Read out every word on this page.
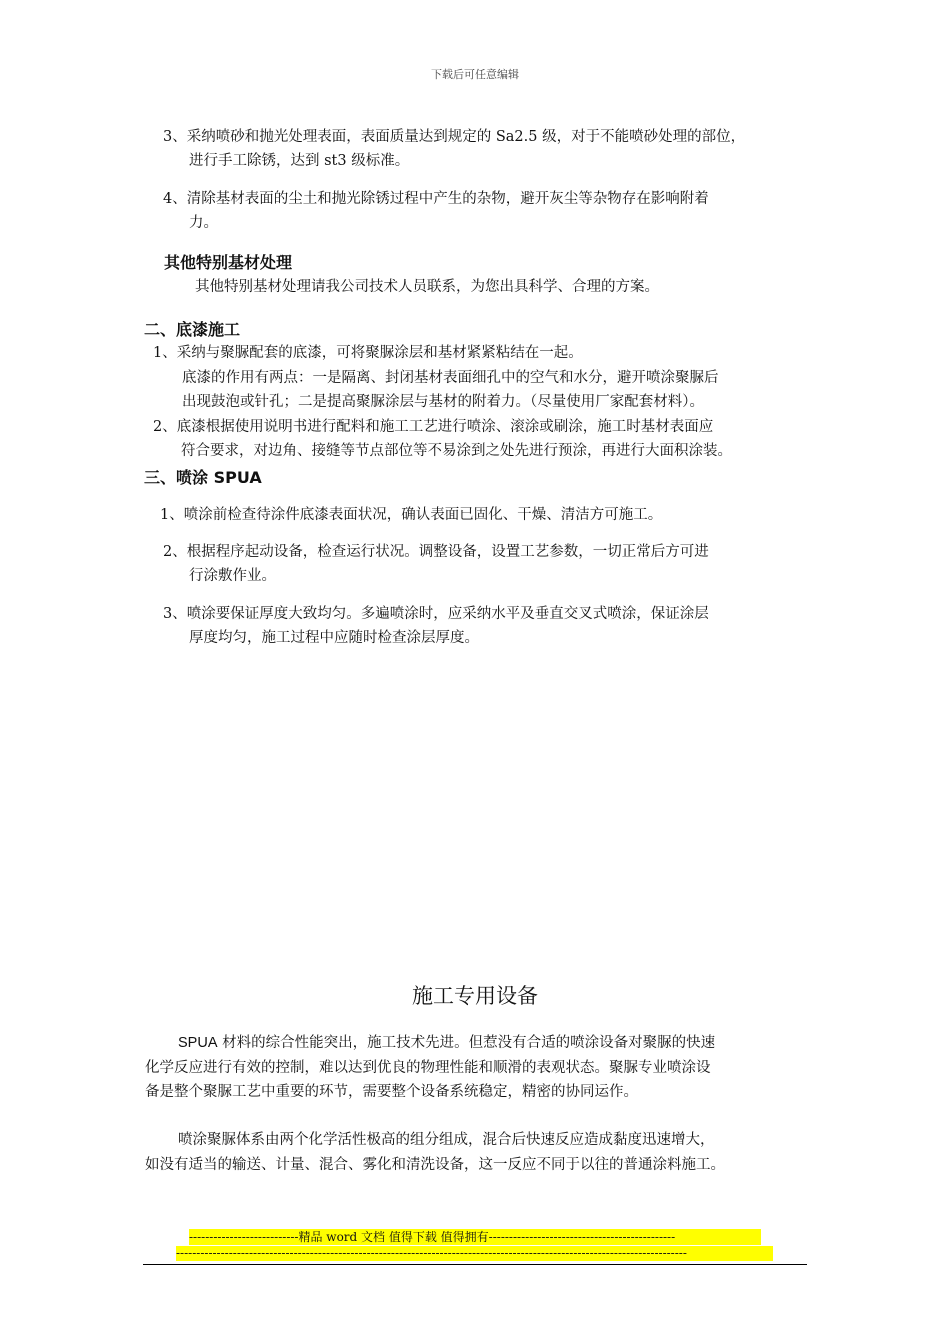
下载后可任意编辑
3、采纳喷砂和抛光处理表面，表面质量达到规定的 Sa2.5 级，对于不能喷砂处理的部位，
进行手工除锈，达到 st3 级标准。
4、清除基材表面的尘土和抛光除锈过程中产生的杂物，避开灰尘等杂物存在影响附着
力。
其他特别基材处理
其他特别基材处理请我公司技术人员联系，为您出具科学、合理的方案。
二、底漆施工
1、采纳与聚脲配套的底漆，可将聚脲涂层和基材紧紧粘结在一起。
底漆的作用有两点：一是隔离、封闭基材表面细孔中的空气和水分，避开喷涂聚脲后
出现鼓泡或针孔；二是提高聚脲涂层与基材的附着力。（尽量使用厂家配套材料）。
2、底漆根据使用说明书进行配料和施工工艺进行喷涂、滚涂或刷涂，施工时基材表面应
符合要求，对边角、接缝等节点部位等不易涂到之处先进行预涂，再进行大面积涂装。
三、喷涂 SPUA
1、喷涂前检查待涂件底漆表面状况，确认表面已固化、干燥、清洁方可施工。
2、根据程序起动设备，检查运行状况。调整设备，设置工艺参数，一切正常后方可进
行涂敷作业。
3、喷涂要保证厚度大致均匀。多遍喷涂时，应采纳水平及垂直交叉式喷涂，保证涂层
厚度均匀，施工过程中应随时检查涂层厚度。
施工专用设备
SPUA 材料的综合性能突出，施工技术先进。但惹没有合适的喷涂设备对聚脲的快速
化学反应进行有效的控制，难以达到优良的物理性能和顺滑的表观状态。聚脲专业喷涂设
备是整个聚脲工艺中重要的环节，需要整个设备系统稳定，精密的协同运作。
喷涂聚脲体系由两个化学活性极高的组分组成，混合后快速反应造成黏度迅速增大，
如没有适当的输送、计量、混合、雾化和清洗设备，这一反应不同于以往的普通涂料施工。
---------------------------精品 word 文档 值得下载 值得拥有----------------------------------------------
------------------------------------------------------------------------------------------------------------------------------
